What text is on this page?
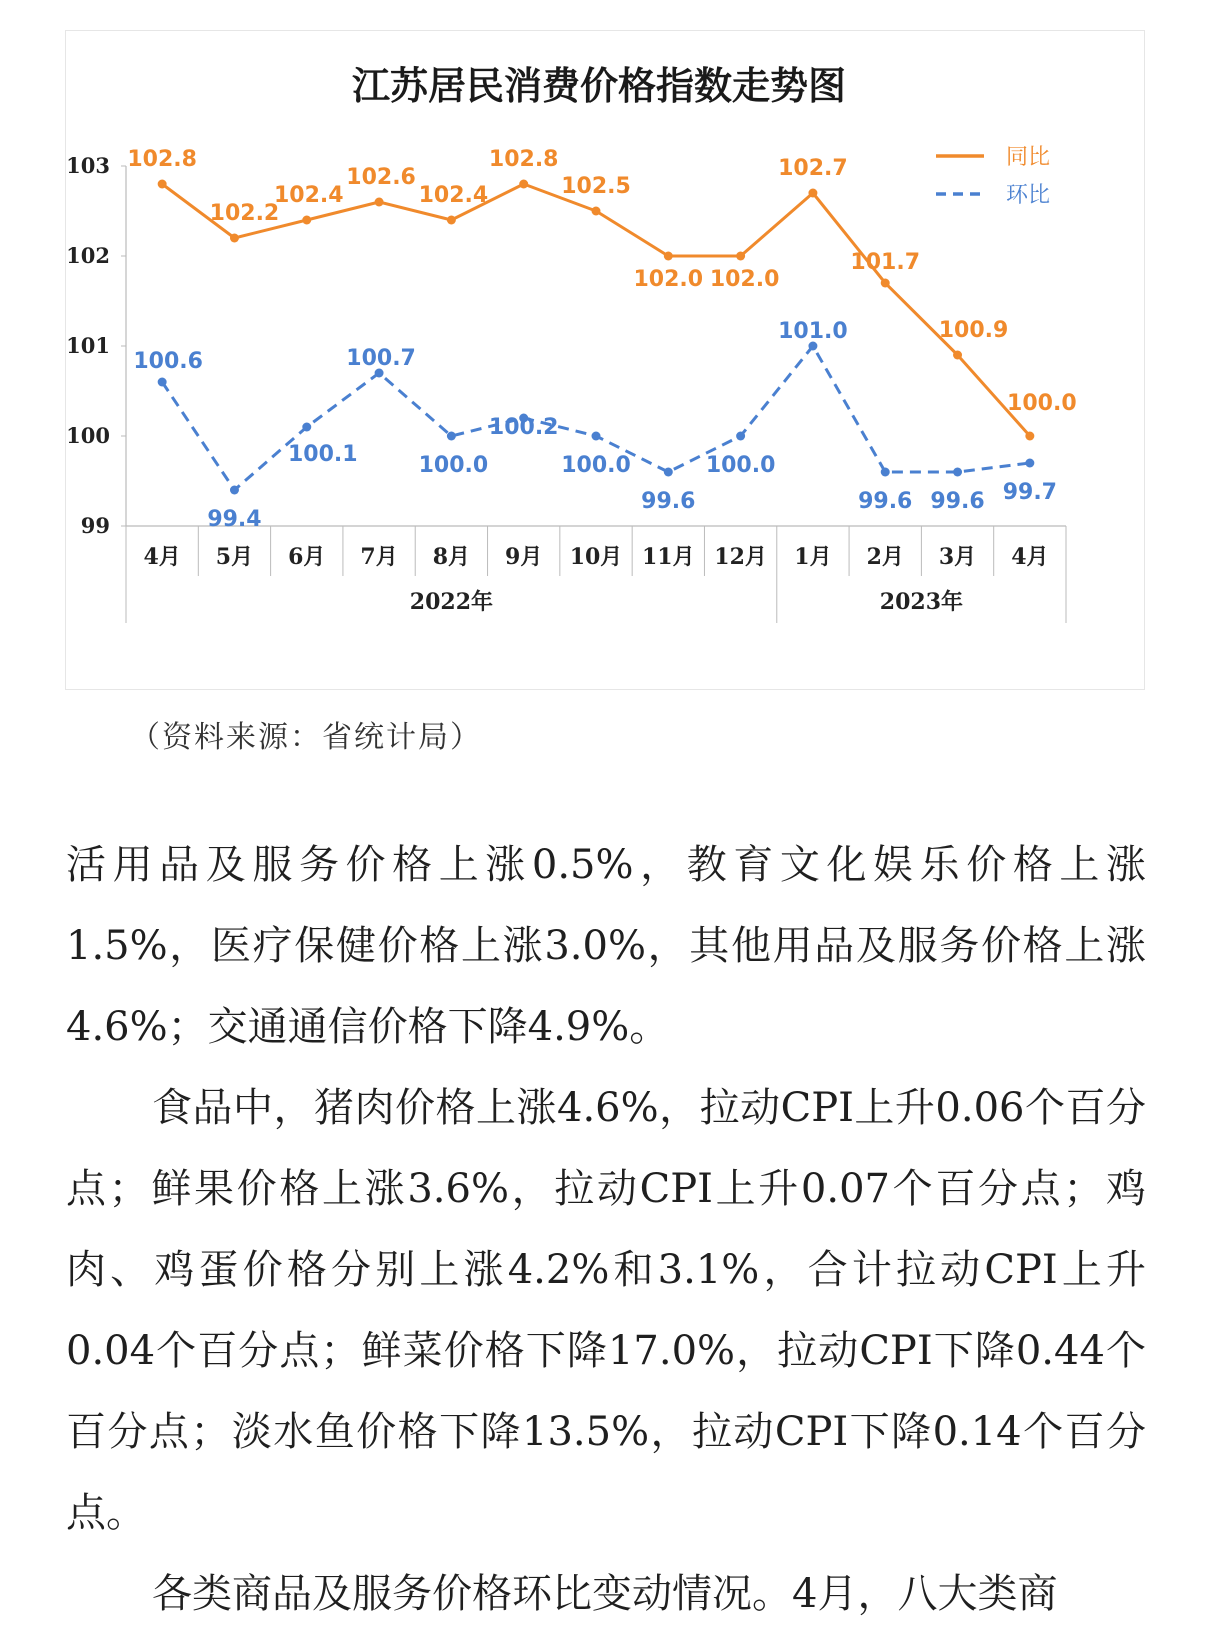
江苏居民消费价格指数走势图
99
100
101
102
103
4月 5月 6月 7月 8月 9月 10月 11月 12月 1月 2月 3月 4月
2022年	2023年
102.8
102.2
102.4
102.6
102.4
102.8
102.5
102.0 102.0
102.7
101.7
100.9
100.0
100.6
99.4
100.1
100.7
100.0
100.2
100.0
99.6
100.0
101.0
99.6 99.6 99.7
同比
环比
（资料来源：省统计局）

活用品及服务价格上涨0.5%，教育文化娱乐价格上涨1.5%，医疗保健价格上涨3.0%，其他用品及服务价格上涨4.6%；交通通信价格下降4.9%。

食品中，猪肉价格上涨4.6%，拉动CPI上升0.06个百分点；鲜果价格上涨3.6%，拉动CPI上升0.07个百分点；鸡肉、鸡蛋价格分别上涨4.2%和3.1%，合计拉动CPI上升0.04个百分点；鲜菜价格下降17.0%，拉动CPI下降0.44个百分点；淡水鱼价格下降13.5%，拉动CPI下降0.14个百分点。

各类商品及服务价格环比变动情况。4月，八大类商
